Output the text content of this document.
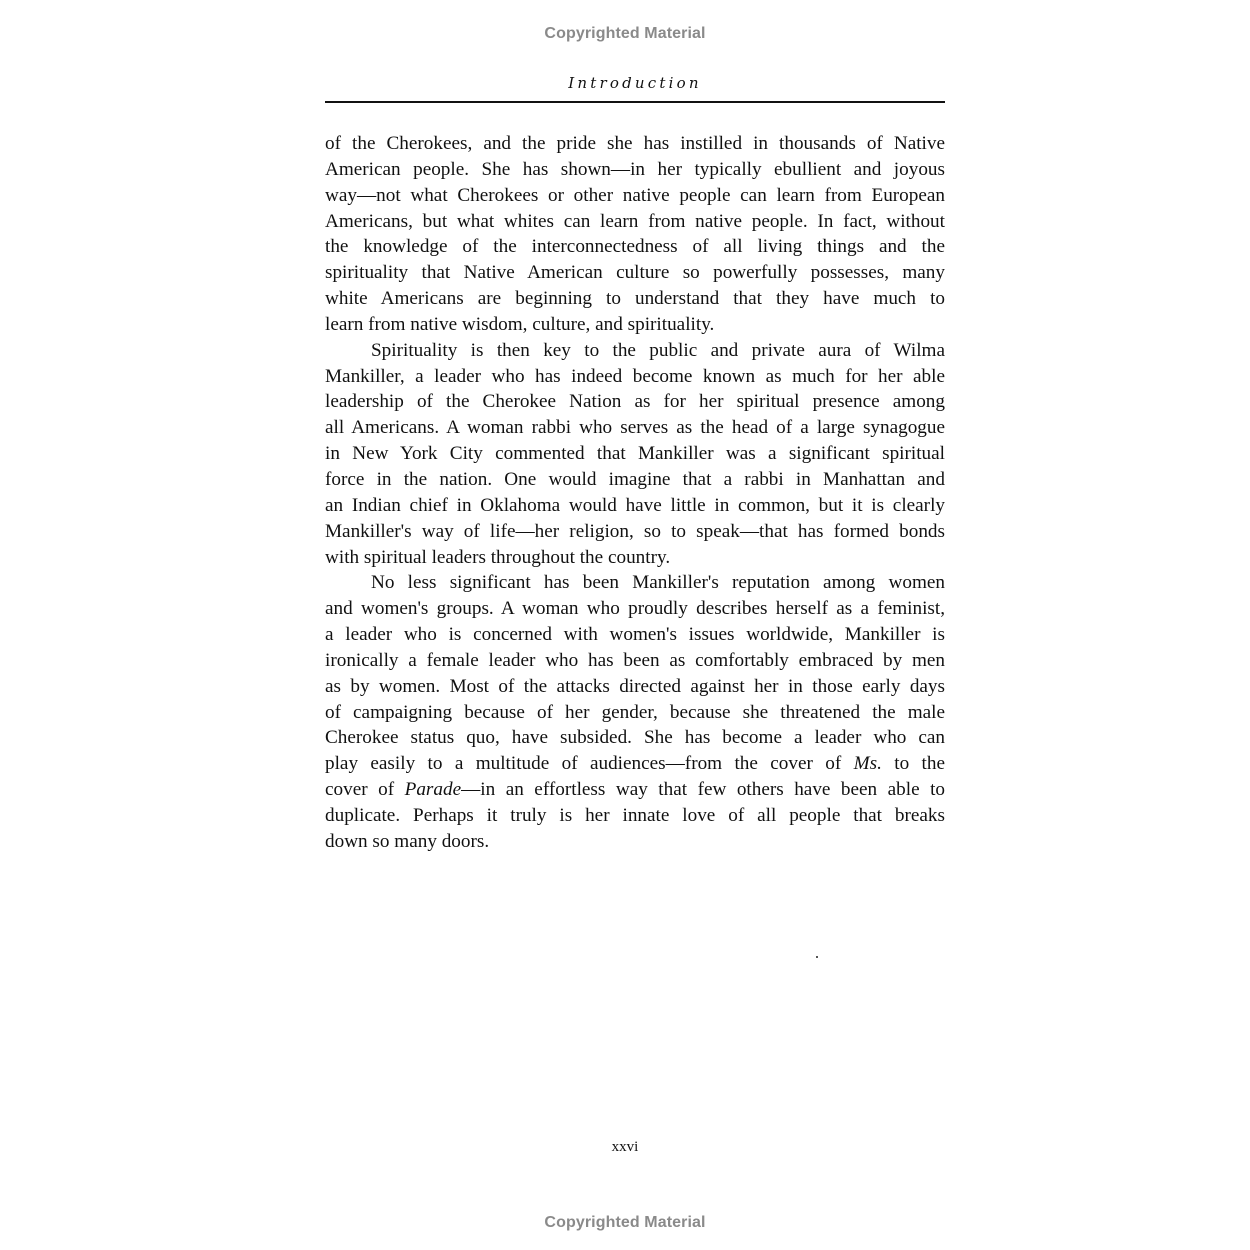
Copyrighted Material
Introduction
of the Cherokees, and the pride she has instilled in thousands of Native
American people. She has shown—in her typically ebullient and joyous
way—not what Cherokees or other native people can learn from European
Americans, but what whites can learn from native people. In fact, without
the knowledge of the interconnectedness of all living things and the
spirituality that Native American culture so powerfully possesses, many
white Americans are beginning to understand that they have much to
learn from native wisdom, culture, and spirituality.
Spirituality is then key to the public and private aura of Wilma
Mankiller, a leader who has indeed become known as much for her able
leadership of the Cherokee Nation as for her spiritual presence among
all Americans. A woman rabbi who serves as the head of a large synagogue
in New York City commented that Mankiller was a significant spiritual
force in the nation. One would imagine that a rabbi in Manhattan and
an Indian chief in Oklahoma would have little in common, but it is clearly
Mankiller's way of life—her religion, so to speak—that has formed bonds
with spiritual leaders throughout the country.
No less significant has been Mankiller's reputation among women
and women's groups. A woman who proudly describes herself as a feminist,
a leader who is concerned with women's issues worldwide, Mankiller is
ironically a female leader who has been as comfortably embraced by men
as by women. Most of the attacks directed against her in those early days
of campaigning because of her gender, because she threatened the male
Cherokee status quo, have subsided. She has become a leader who can
play easily to a multitude of audiences—from the cover of Ms. to the
cover of Parade—in an effortless way that few others have been able to
duplicate. Perhaps it truly is her innate love of all people that breaks
down so many doors.
xxvi
Copyrighted Material
